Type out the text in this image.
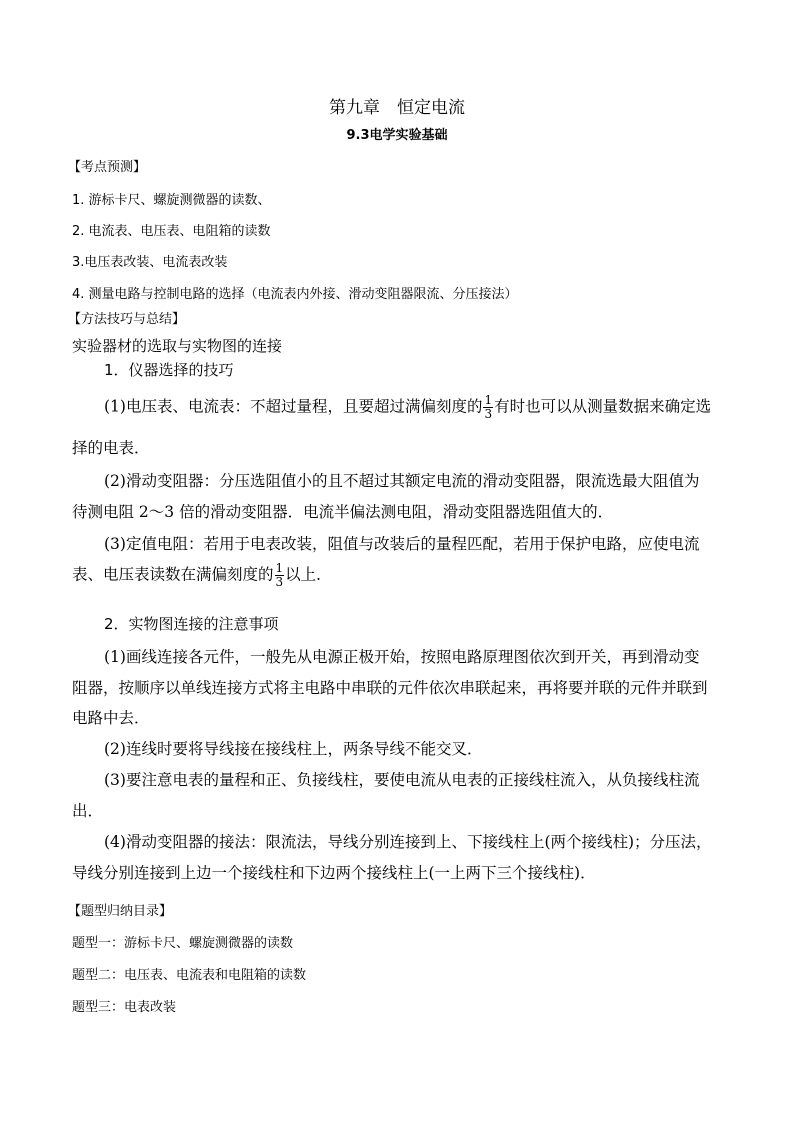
第九章　恒定电流
9.3电学实验基础
【考点预测】
1. 游标卡尺、螺旋测微器的读数、
2. 电流表、电压表、电阻箱的读数
3.电压表改装、电流表改装
4. 测量电路与控制电路的选择（电流表内外接、滑动变阻器限流、分压接法）
【方法技巧与总结】
实验器材的选取与实物图的连接
1．仪器选择的技巧
(1)电压表、电流表：不超过量程，且要超过满偏刻度的 $\frac{1}{3}$ 有时也可以从测量数据来确定选
择的电表．
(2)滑动变阻器：分压选阻值小的且不超过其额定电流的滑动变阻器，限流选最大阻值为
待测电阻 2～3 倍的滑动变阻器．电流半偏法测电阻，滑动变阻器选阻值大的．
(3)定值电阻：若用于电表改装，阻值与改装后的量程匹配，若用于保护电路，应使电流
表、电压表读数在满偏刻度的 $\frac{1}{3}$ 以上．
2．实物图连接的注意事项
(1)画线连接各元件，一般先从电源正极开始，按照电路原理图依次到开关，再到滑动变
阻器，按顺序以单线连接方式将主电路中串联的元件依次串联起来，再将要并联的元件并联到
电路中去．
(2)连线时要将导线接在接线柱上，两条导线不能交叉．
(3)要注意电表的量程和正、负接线柱，要使电流从电表的正接线柱流入，从负接线柱流
出．
(4)滑动变阻器的接法：限流法，导线分别连接到上、下接线柱上(两个接线柱)；分压法，
导线分别连接到上边一个接线柱和下边两个接线柱上(一上两下三个接线柱)．
【题型归纳目录】
题型一：游标卡尺、螺旋测微器的读数
题型二：电压表、电流表和电阻箱的读数
题型三：电表改装
